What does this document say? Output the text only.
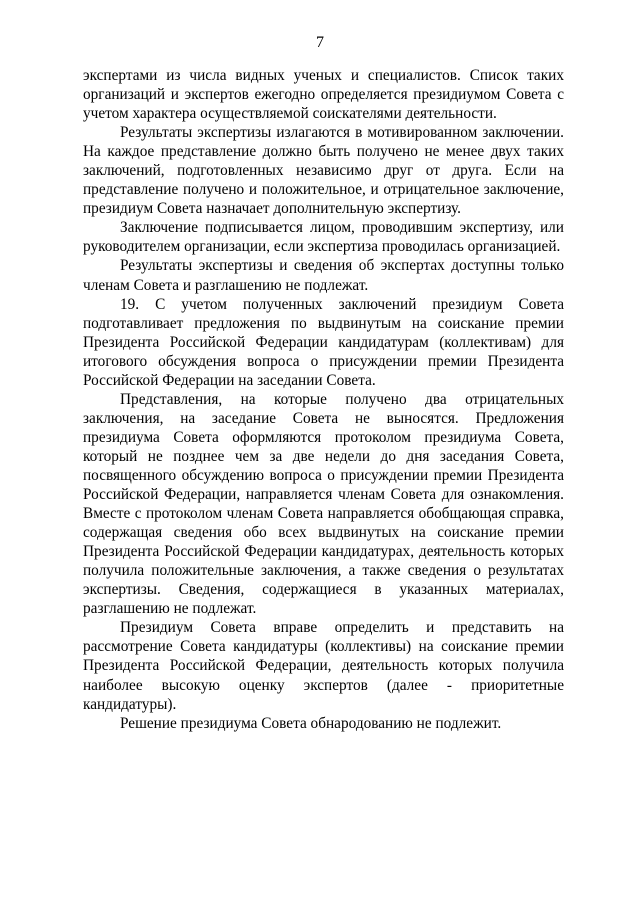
7

экспертами из числа видных ученых и специалистов. Список таких организаций и экспертов ежегодно определяется президиумом Совета с учетом характера осуществляемой соискателями деятельности.

Результаты экспертизы излагаются в мотивированном заключении. На каждое представление должно быть получено не менее двух таких заключений, подготовленных независимо друг от друга. Если на представление получено и положительное, и отрицательное заключение, президиум Совета назначает дополнительную экспертизу.

Заключение подписывается лицом, проводившим экспертизу, или руководителем организации, если экспертиза проводилась организацией.

Результаты экспертизы и сведения об экспертах доступны только членам Совета и разглашению не подлежат.

19. С учетом полученных заключений президиум Совета подготавливает предложения по выдвинутым на соискание премии Президента Российской Федерации кандидатурам (коллективам) для итогового обсуждения вопроса о присуждении премии Президента Российской Федерации на заседании Совета.

Представления, на которые получено два отрицательных заключения, на заседание Совета не выносятся. Предложения президиума Совета оформляются протоколом президиума Совета, который не позднее чем за две недели до дня заседания Совета, посвященного обсуждению вопроса о присуждении премии Президента Российской Федерации, направляется членам Совета для ознакомления. Вместе с протоколом членам Совета направляется обобщающая справка, содержащая сведения обо всех выдвинутых на соискание премии Президента Российской Федерации кандидатурах, деятельность которых получила положительные заключения, а также сведения о результатах экспертизы. Сведения, содержащиеся в указанных материалах, разглашению не подлежат.

Президиум Совета вправе определить и представить на рассмотрение Совета кандидатуры (коллективы) на соискание премии Президента Российской Федерации, деятельность которых получила наиболее высокую оценку экспертов (далее - приоритетные кандидатуры).

Решение президиума Совета обнародованию не подлежит.
